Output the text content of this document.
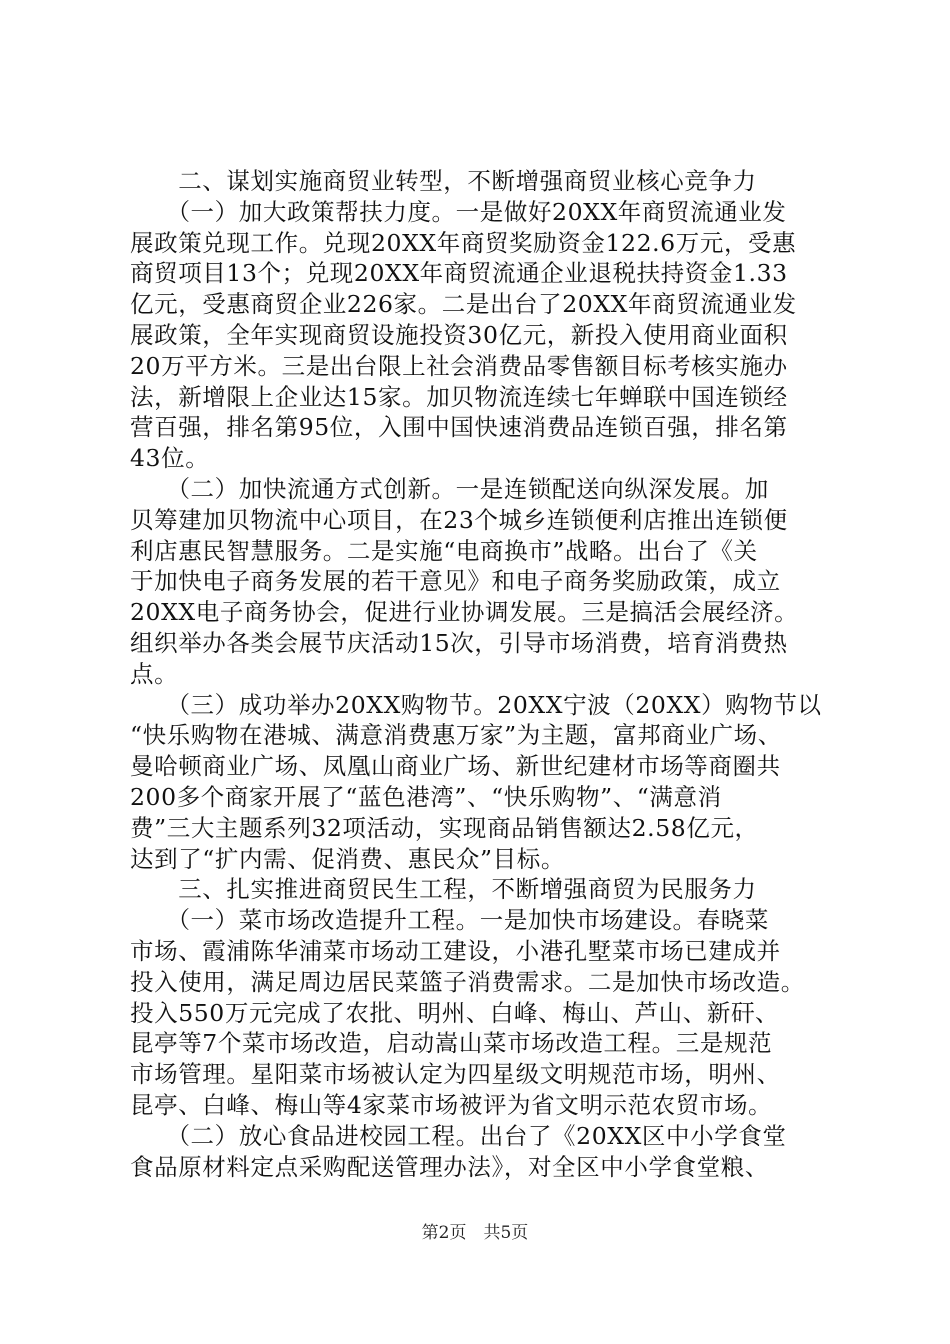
　　二、谋划实施商贸业转型，不断增强商贸业核心竞争力
　　（一）加大政策帮扶力度。一是做好20XX年商贸流通业发
展政策兑现工作。兑现20XX年商贸奖励资金122.6万元，受惠
商贸项目13个；兑现20XX年商贸流通企业退税扶持资金1.33
亿元，受惠商贸企业226家。二是出台了20XX年商贸流通业发
展政策，全年实现商贸设施投资30亿元，新投入使用商业面积
20万平方米。三是出台限上社会消费品零售额目标考核实施办
法，新增限上企业达15家。加贝物流连续七年蝉联中国连锁经
营百强，排名第95位，入围中国快速消费品连锁百强，排名第
43位。
　　（二）加快流通方式创新。一是连锁配送向纵深发展。加
贝筹建加贝物流中心项目，在23个城乡连锁便利店推出连锁便
利店惠民智慧服务。二是实施“电商换市”战略。出台了《关
于加快电子商务发展的若干意见》和电子商务奖励政策，成立
20XX电子商务协会，促进行业协调发展。三是搞活会展经济。
组织举办各类会展节庆活动15次，引导市场消费，培育消费热
点。
　　（三）成功举办20XX购物节。20XX宁波（20XX）购物节以
“快乐购物在港城、满意消费惠万家”为主题，富邦商业广场、
曼哈顿商业广场、凤凰山商业广场、新世纪建材市场等商圈共
200多个商家开展了“蓝色港湾”、“快乐购物”、“满意消
费”三大主题系列32项活动，实现商品销售额达2.58亿元，
达到了“扩内需、促消费、惠民众”目标。
　　三、扎实推进商贸民生工程，不断增强商贸为民服务力
　　（一）菜市场改造提升工程。一是加快市场建设。春晓菜
市场、霞浦陈华浦菜市场动工建设，小港孔墅菜市场已建成并
投入使用，满足周边居民菜篮子消费需求。二是加快市场改造。
投入550万元完成了农批、明州、白峰、梅山、芦山、新矸、
昆亭等7个菜市场改造，启动嵩山菜市场改造工程。三是规范
市场管理。星阳菜市场被认定为四星级文明规范市场，明州、
昆亭、白峰、梅山等4家菜市场被评为省文明示范农贸市场。
　　（二）放心食品进校园工程。出台了《20XX区中小学食堂
食品原材料定点采购配送管理办法》，对全区中小学食堂粮、
第2页　共5页
